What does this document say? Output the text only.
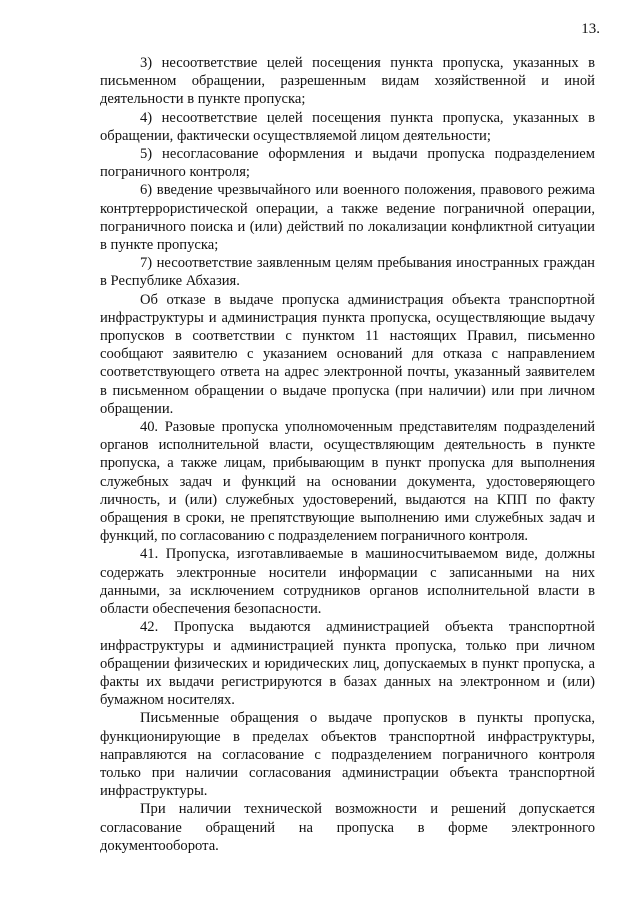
13.

3) несоответствие целей посещения пункта пропуска, указанных в письменном обращении, разрешенным видам хозяйственной и иной деятельности в пункте пропуска;

4) несоответствие целей посещения пункта пропуска, указанных в обращении, фактически осуществляемой лицом деятельности;

5) несогласование оформления и выдачи пропуска подразделением пограничного контроля;

6) введение чрезвычайного или военного положения, правового режима контртеррористической операции, а также ведение пограничной операции, пограничного поиска и (или) действий по локализации конфликтной ситуации в пункте пропуска;

7) несоответствие заявленным целям пребывания иностранных граждан в Республике Абхазия.

Об отказе в выдаче пропуска администрация объекта транспортной инфраструктуры и администрация пункта пропуска, осуществляющие выдачу пропусков в соответствии с пунктом 11 настоящих Правил, письменно сообщают заявителю с указанием оснований для отказа с направлением соответствующего ответа на адрес электронной почты, указанный заявителем в письменном обращении о выдаче пропуска (при наличии) или при личном обращении.

40. Разовые пропуска уполномоченным представителям подразделений органов исполнительной власти, осуществляющим деятельность в пункте пропуска, а также лицам, прибывающим в пункт пропуска для выполнения служебных задач и функций на основании документа, удостоверяющего личность, и (или) служебных удостоверений, выдаются на КПП по факту обращения в сроки, не препятствующие выполнению ими служебных задач и функций, по согласованию с подразделением пограничного контроля.

41. Пропуска, изготавливаемые в машиносчитываемом виде, должны содержать электронные носители информации с записанными на них данными, за исключением сотрудников органов исполнительной власти в области обеспечения безопасности.

42. Пропуска выдаются администрацией объекта транспортной инфраструктуры и администрацией пункта пропуска, только при личном обращении физических и юридических лиц, допускаемых в пункт пропуска, а факты их выдачи регистрируются в базах данных на электронном и (или) бумажном носителях.

Письменные обращения о выдаче пропусков в пункты пропуска, функционирующие в пределах объектов транспортной инфраструктуры, направляются на согласование с подразделением пограничного контроля только при наличии согласования администрации объекта транспортной инфраструктуры.

При наличии технической возможности и решений допускается согласование обращений на пропуска в форме электронного документооборота.
